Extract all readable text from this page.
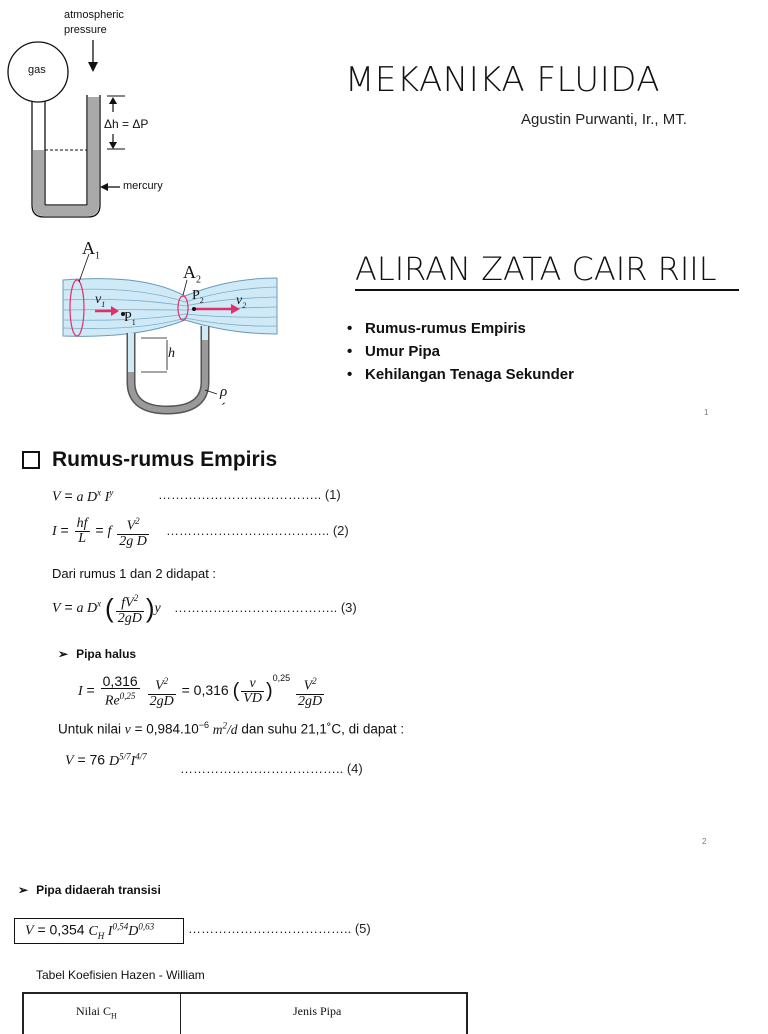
atmospheric
pressure
gas
Δh = ΔP
mercury
MEKANIKA FLUIDA
Agustin Purwanti, Ir., MT.
$A_1$
$A_2$
$v_1$	$v_2$
$P_1$
$P_2$
h
ρ´
ALIRAN ZATA CAIR RIIL
• Rumus-rumus Empiris
• Umur Pipa
• Kehilangan Tenaga Sekunder
1
Rumus-rumus Empiris
V = a $D^x$ $I^y$	……………………………….. (1)
$I = \frac{hf}{L} = f \frac{V^2}{\text{2g D}}$ ……………………………….. (2)
Dari rumus 1 dan 2 didapat :
V = a $D^x$ ( $\frac{fV^2}{2gD} )y$ ……………………………….. (3)
➢ Pipa halus
$I = \frac{0,316}{Re^{0,25}}$
$\frac{V^2}{2gD} = 0,316$ ( $\frac{v}{VD} )^{0,25} \frac{V^2}{2gD}$
Untuk nilai $v = 0,984.10^{-6}$ $m^2/d$ dan suhu 21,1˚C, di dapat :
V = 76 $D^{5/7}I^{4/7}$
……………………………….. (4)
2
➢ Pipa didaerah transisi
V = 0,354 $C_H$ $I^{0,54}D^{0,63}$	……………………………….. (5)
Tabel Koefisien Hazen - William
Nilai $C_H$	Jenis Pipa
